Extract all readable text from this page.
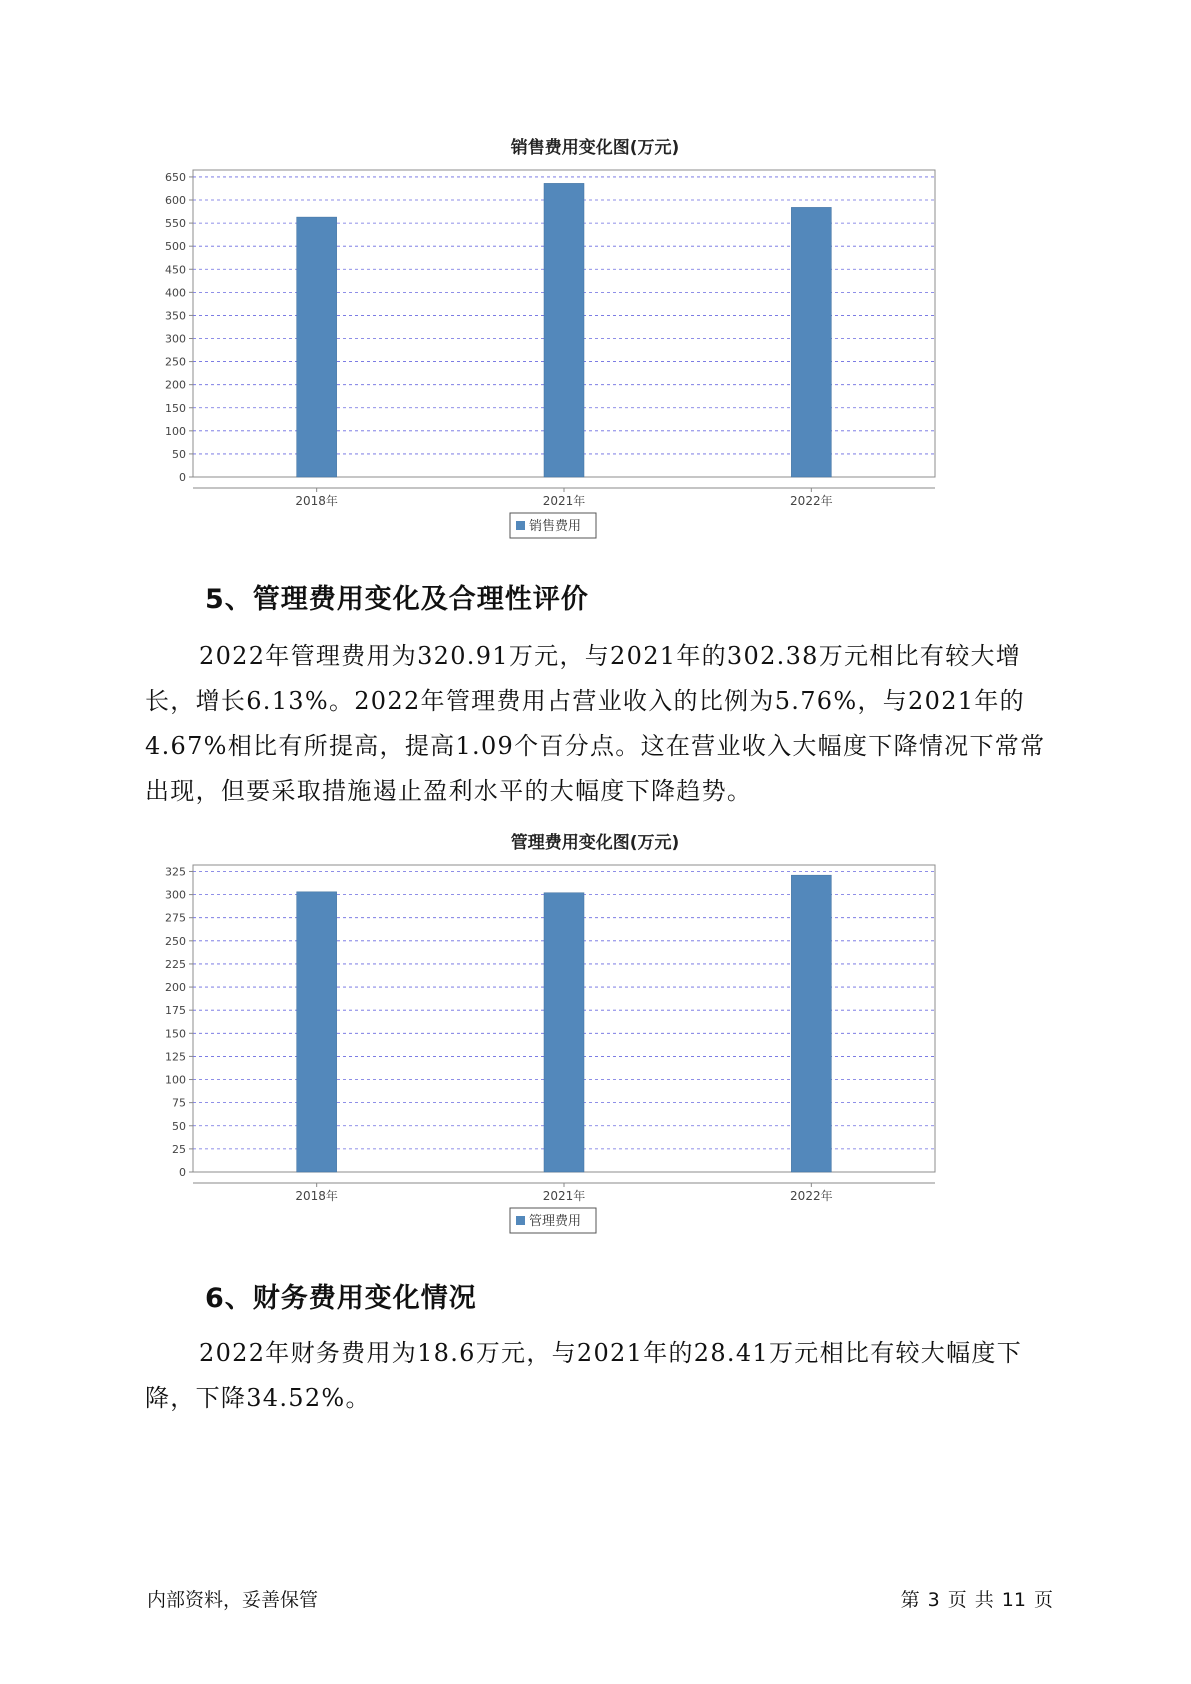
销售费用变化图(万元)
0
50
100
150
200
250
300
350
400
450
500
550
600
650
2018年	2021年	2022年
销售费用
5、管理费用变化及合理性评价

2022年管理费用为320.91万元，与2021年的302.38万元相比有较大增长，增长6.13%。2022年管理费用占营业收入的比例为5.76%，与2021年的4.67%相比有所提高，提高1.09个百分点。这在营业收入大幅度下降情况下常常出现，但要采取措施遏止盈利水平的大幅度下降趋势。

管理费用变化图(万元)
0
25
50
75
100
125
150
175
200
225
250
275
300
325
2018年	2021年	2022年
管理费用
6、财务费用变化情况

2022年财务费用为18.6万元，与2021年的28.41万元相比有较大幅度下降，下降34.52%。

内部资料，妥善保管	第 3 页 共 11 页
